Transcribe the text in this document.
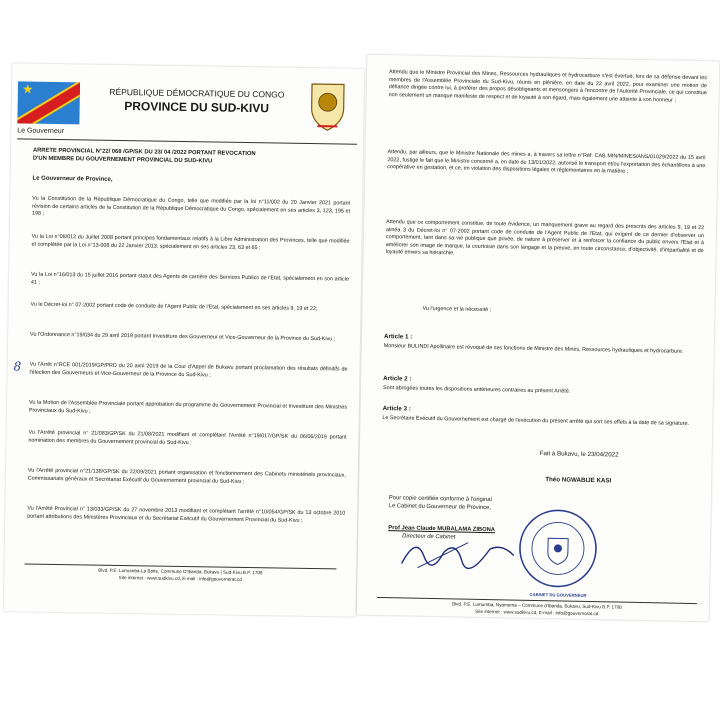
★
Le Gouverneur
RÉPUBLIQUE DÉMOCRATIQUE DU CONGO
PROVINCE DU SUD-KIVU
ARRETE PROVINCIAL N°22/ 068 /GP/SK DU 23/ 04 /2022 PORTANT REVOCATION
D'UN MEMBRE DU GOUVERNEMENT PROVINCIAL DU SUD-KIVU
Le Gouverneur de Province,
Vu la Constitution de la République Démocratique du Congo, telle que modifiée par la loi n°11/002 du 20 Janvier 2021 portant révision de certains articles de la Constitution de la République Démocratique du Congo, spécialement en ses articles 3, 123, 195 et 198 ;
Vu la Loi n°08/012 du Juillet 2008 portant principes fondamentaux relatifs à la Libre Administration des Provinces, telle que modifiée et complétée par la Loi n°13-008 du 22 Janvier 2013, spécialement en ses articles 23, 63 et 65 ;
Vu la Loi n°16/013 du 15 juillet 2016 portant statut des Agents de carrière des Services Publics de l'Etat, spécialement en son article 41 ;
Vu le Décret-loi n° 07-2002 portant code de conduite de l'Agent Public de l'Etat, spécialement en ses articles 9, 19 et 22;
Vu l'Ordonnance n°19/034 du 29 avril 2019 portant Investiture des Gouverneur et Vice-Gouverneur de la Province du Sud-Kivu ;
8 Vu l'Arrêt n°RCE 001/2019/GP/PRD du 20 avril 2019 de la Cour d'Appel de Bukavu portant proclamation des résultats définitifs de l'élection des Gouverneurs et Vice-Gouverneur de la Province du Sud-Kivu ;
Vu la Motion de l'Assemblée Provinciale portant approbation du programme du Gouvernement Provincial et Investiture des Ministres Provinciaux du Sud-Kivu ;
Vu l'Arrêté provincial n° 21/083/GP/SK du 21/08/2021 modifiant et complétant l'Arrêté n°19/017/GP/SK du 06/06/2019 portant nomination des membres du Gouvernement provincial du Sud-Kivu ;
Vu l'Arrêté provincial n°21/138/GP/SK du 22/09/2021 portant organisation et fonctionnement des Cabinets ministériels provinciaux, Commissariats généraux et Secrétariat Exécutif du Gouvernement provincial du Sud-Kivu ;
Vu l'Arrêté Provincial n° 13/033/GP/SK du 27 novembre 2013 modifiant et complétant l'arrêté n°10/054/GP/SK du 13 octobre 2010 portant attributions des Ministères Provinciaux et du Secrétariat Exécutif du Gouvernement Provincial du Sud-Kivu ;
Blvd. P.E. Lumumba-La Botte, Commune D'Ibanda, Bukavu | Sud-Kivu B.P. 1708
Site internet : www.sudkivu.cd, E-mail : info@gouvernorat.cd
Attendu que le Ministre Provincial des Mines, Ressources hydrauliques et hydrocarbure s'est évertué, lors de sa défense devant les membres de l'Assemblée Provinciale du Sud-Kivu, réunis en plénière, en date du 22 avril 2022, pour examiner une motion de défiance dirigée contre lui, à proférer des propos désobligeants et mensongers à l'encontre de l'Autorité Provinciale, ce qui constitue non seulement un manque manifeste de respect et de loyauté à son égard, mais également une atteinte à son honneur ;
Attendu, par ailleurs, que le Ministre Nationale des mines a, à travers sa lettre n°Réf. CAB MIN/MINES/ANS/01029/2022 du 15 avril 2022, fustigé le fait que le Ministre concerné a, en date du 13/01/2022, autorisé le transport et/ou l'exportation des échantillons à une coopérative en gestation, et ce, en violation des dispositions légales et réglementaires en la matière ;
Attendu que ce comportement constitue, de toute évidence, un manquement grave au regard des prescrits des articles 9, 19 et 22 alinéa 3 du Décret-loi n° 07-2002 portant code de conduite de l'Agent Public de l'Etat, qui exigent de ce dernier d'observer un comportement, tant dans sa vie publique que privée, de nature à préserver et à renforcer la confiance du public envers l'Etat et à améliorer son image de marque, la courtoisie dans son langage et la preuve, en toute circonstance, d'objectivité, d'impartialité et de loyauté envers sa hiérarchie.
Vu l'urgence et la nécessité ;
Article 1 :
Monsieur BULINDI Apollinaire est révoqué de ses fonctions de Ministre des Mines, Ressources hydrauliques et hydrocarbure.
Article 2 :
Sont abrogées toutes les dispositions antérieures contraires au présent Arrêté.
Article 3 :
Le Secrétaire Exécutif du Gouvernement est chargé de l'exécution du présent arrêté qui sort ses effets à la date de sa signature.
Fait à Bukavu, le 23/04/2022
Théo NGWABIJE KASI
Pour copie certifiée conforme à l'original
Le Cabinet du Gouverneur de Province,
Prof Jean Claude MUBALAMA ZIBONA
Directeur de Cabinet
CABINET DU GOUVERNEUR
Blvd. P.E. Lumumba, Nyamoma – Commune d'Ibanda, Bukavu, Sud-Kivu B.P. 1708
Site internet : www.sudkivu.cd, E-mail : info@gouvernorat.cd
